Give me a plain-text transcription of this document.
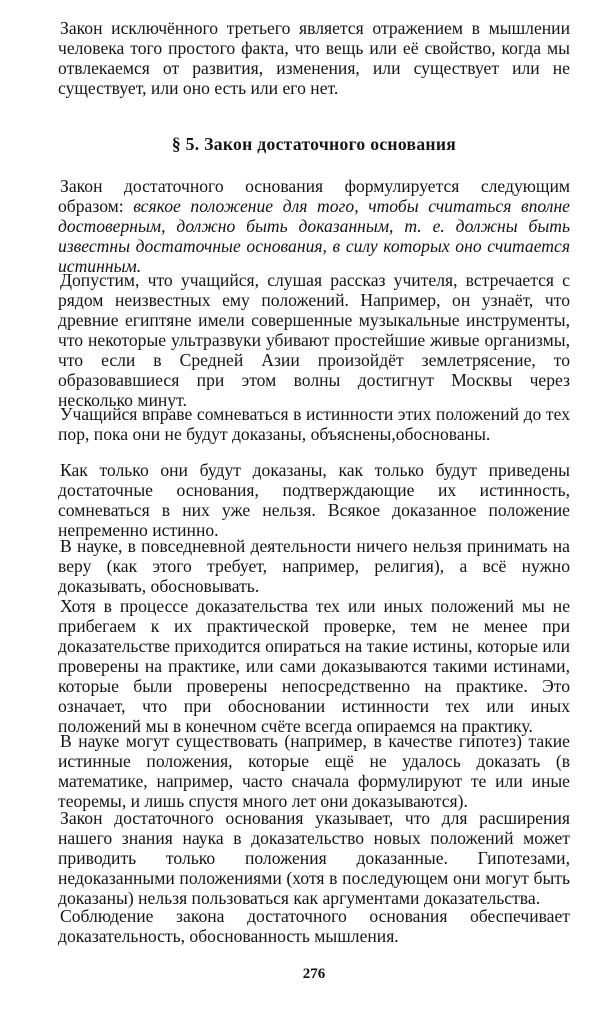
Закон исключённого третьего является отражением в мышлении человека того простого факта, что вещь или её свойство, когда мы отвлекаемся от развития, изменения, или существует или не существует, или оно есть или его нет.

§ 5. Закон достаточного основания

Закон достаточного основания формулируется следующим образом: всякое положение для того, чтобы считаться вполне достоверным, должно быть доказанным, т. е. должны быть известны достаточные основания, в силу которых оно считается истинным.

Допустим, что учащийся, слушая рассказ учителя, встречается с рядом неизвестных ему положений. Например, он узнаёт, что древние египтяне имели совершенные музыкальные инструменты, что некоторые ультразвуки убивают простейшие живые организмы, что если в Средней Азии произойдёт землетрясение, то образовавшиеся при этом волны достигнут Москвы через несколько минут.

Учащийся вправе сомневаться в истинности этих положений до тех пор, пока они не будут доказаны, объяснены,обоснованы.

Как только они будут доказаны, как только будут приведены достаточные основания, подтверждающие их истинность, сомневаться в них уже нельзя. Всякое доказанное положение непременно истинно.

В науке, в повседневной деятельности ничего нельзя принимать на веру (как этого требует, например, религия), а всё нужно доказывать, обосновывать.

Хотя в процессе доказательства тех или иных положений мы не прибегаем к их практической проверке, тем не менее при доказательстве приходится опираться на такие истины, которые или проверены на практике, или сами доказываются такими истинами, которые были проверены непосредственно на практике. Это означает, что при обосновании истинности тех или иных положений мы в конечном счёте всегда опираемся на практику.

В науке могут существовать (например, в качестве гипотез) такие истинные положения, которые ещё не удалось доказать (в математике, например, часто сначала формулируют те или иные теоремы, и лишь спустя много лет они доказываются).

Закон достаточного основания указывает, что для расширения нашего знания наука в доказательство новых положений может приводить только положения доказанные. Гипотезами, недоказанными положениями (хотя в последующем они могут быть доказаны) нельзя пользоваться как аргументами доказательства.

Соблюдение закона достаточного основания обеспечивает доказательность, обоснованность мышления.

276
